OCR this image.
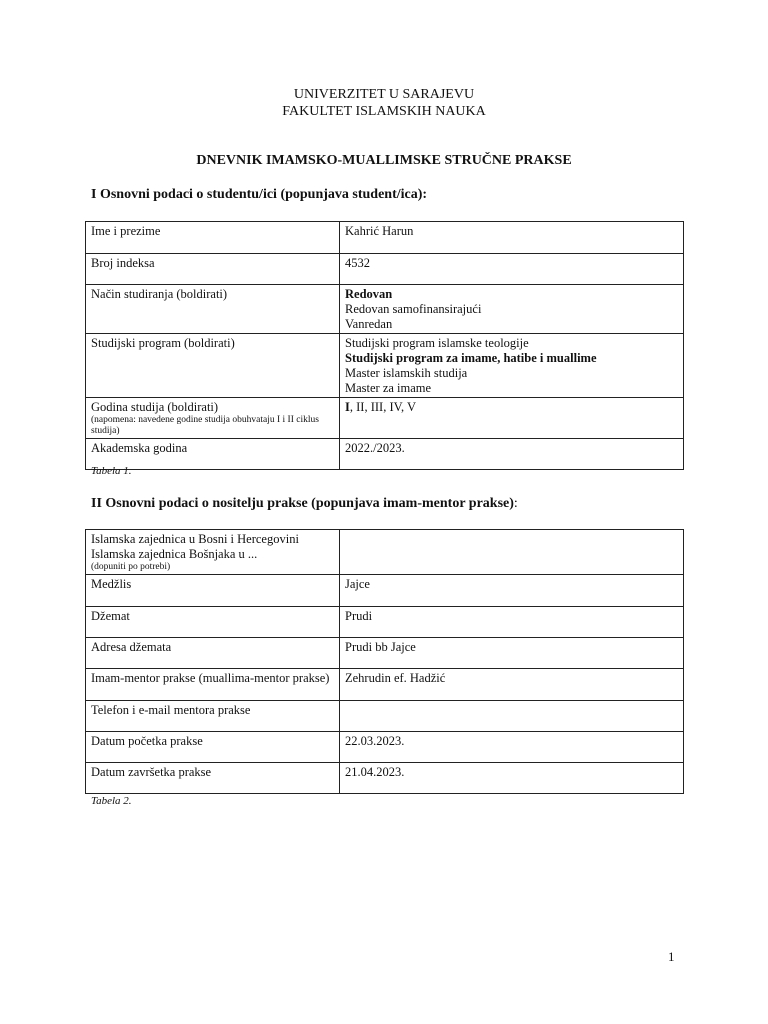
UNIVERZITET U SARAJEVU
FAKULTET ISLAMSKIH NAUKA
DNEVNIK IMAMSKO-MUALLIMSKE STRUČNE PRAKSE
I Osnovni podaci o studentu/ici (popunjava student/ica):
Ime i prezime	Kahrić Harun
Broj indeksa	4532
Način studiranja (boldirati)	Redovan
Redovan samofinansirajući
Vanredan

Studijski program (boldirati)	Studijski program islamske teologije
Studijski program za imame, hatibe i muallime
Master islamskih studija
Master za imame

Godina studija (boldirati)
(napomena: navedene godine studija obuhvataju I i II ciklus studija)	I, II, III, IV, V
Akademska godina	2022./2023.
Tabela 1.
II Osnovni podaci o nositelju prakse (popunjava imam-mentor prakse):
Islamska zajednica u Bosni i Hercegovini
Islamska zajednica Bošnjaka u ...
(dopuniti po potrebi)	

Medžlis	Jajce
Džemat	Prudi
Adresa džemata	Prudi bb Jajce
Imam-mentor prakse (muallima-mentor prakse)	Zehrudin ef. Hadžić
Telefon i e-mail mentora prakse	
Datum početka prakse	22.03.2023.
Datum završetka prakse	21.04.2023.
Tabela 2.
1
